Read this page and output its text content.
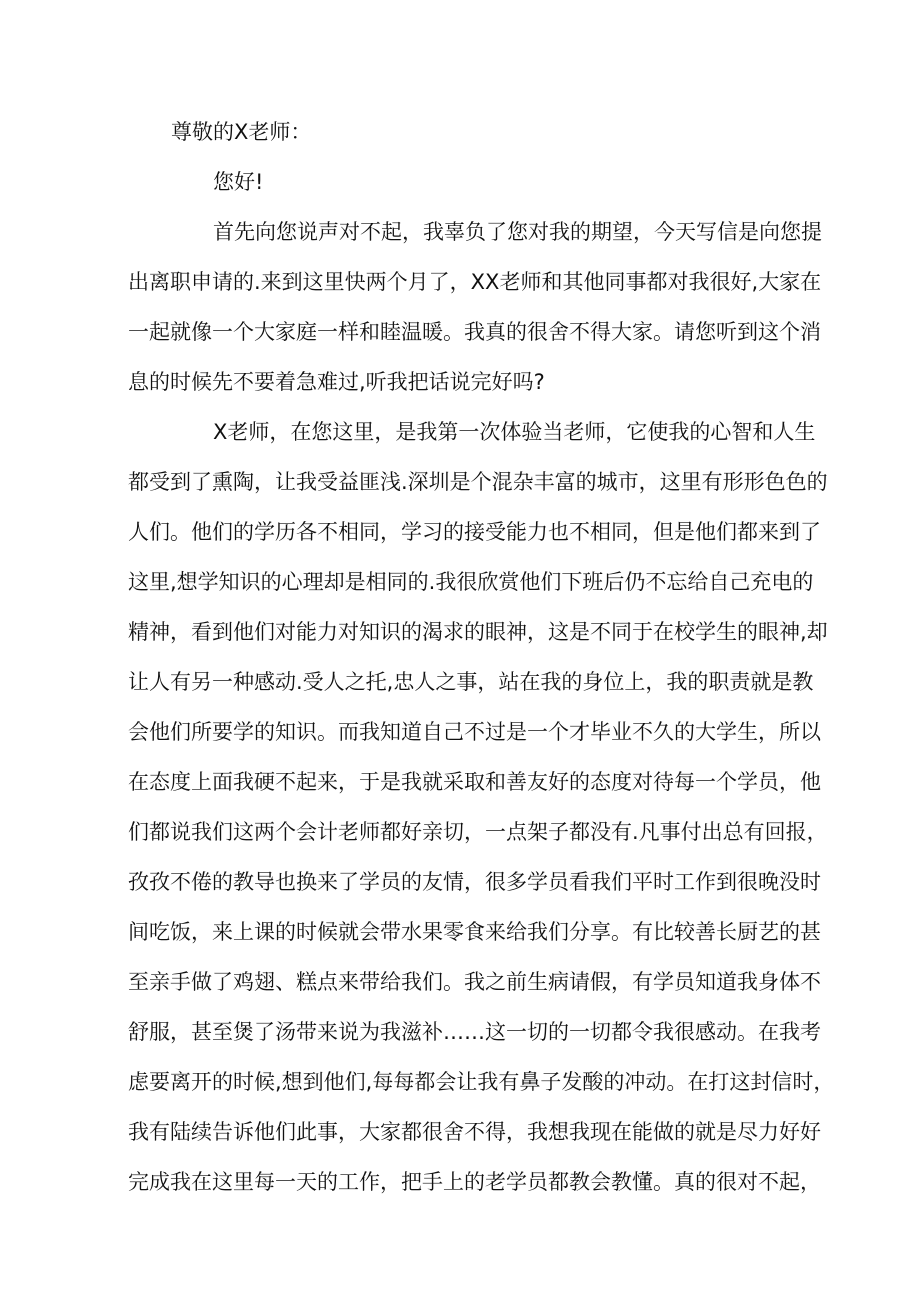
尊敬的X老师：

您好!

首先向您说声对不起，我辜负了您对我的期望，今天写信是向您提

出离职申请的.来到这里快两个月了，XX老师和其他同事都对我很好,大家在

一起就像一个大家庭一样和睦温暖。我真的很舍不得大家。请您听到这个消

息的时候先不要着急难过,听我把话说完好吗?

X老师，在您这里，是我第一次体验当老师，它使我的心智和人生

都受到了熏陶，让我受益匪浅.深圳是个混杂丰富的城市，这里有形形色色的

人们。他们的学历各不相同，学习的接受能力也不相同，但是他们都来到了

这里,想学知识的心理却是相同的.我很欣赏他们下班后仍不忘给自己充电的

精神，看到他们对能力对知识的渴求的眼神，这是不同于在校学生的眼神,却

让人有另一种感动.受人之托,忠人之事，站在我的身位上，我的职责就是教

会他们所要学的知识。而我知道自己不过是一个才毕业不久的大学生，所以

在态度上面我硬不起来，于是我就采取和善友好的态度对待每一个学员，他

们都说我们这两个会计老师都好亲切，一点架子都没有.凡事付出总有回报，

孜孜不倦的教导也换来了学员的友情，很多学员看我们平时工作到很晚没时

间吃饭，来上课的时候就会带水果零食来给我们分享。有比较善长厨艺的甚

至亲手做了鸡翅、糕点来带给我们。我之前生病请假，有学员知道我身体不

舒服，甚至煲了汤带来说为我滋补……这一切的一切都令我很感动。在我考

虑要离开的时候,想到他们,每每都会让我有鼻子发酸的冲动。在打这封信时，

我有陆续告诉他们此事，大家都很舍不得，我想我现在能做的就是尽力好好

完成我在这里每一天的工作，把手上的老学员都教会教懂。真的很对不起，
